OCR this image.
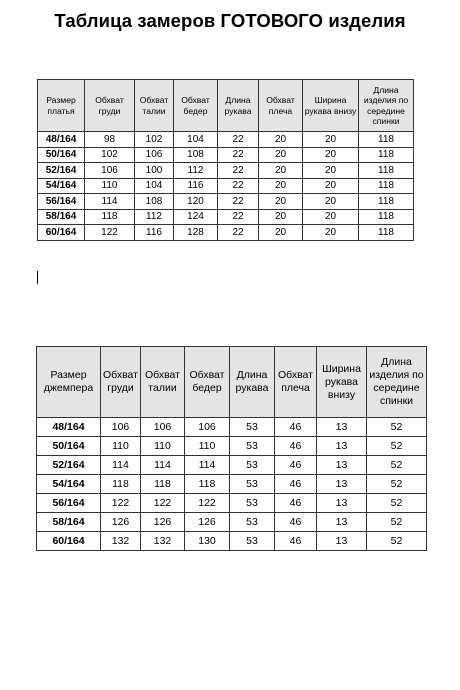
Таблица замеров ГОТОВОГО изделия
Размер платья	Обхват груди	Обхват талии	Обхват бедер	Длина рукава	Обхват плеча	Ширина рукава внизу	Длина изделия по середине спинки
48/164	98	102	104	22	20	20	118
50/164	102	106	108	22	20	20	118
52/164	106	100	112	22	20	20	118
54/164	110	104	116	22	20	20	118
56/164	114	108	120	22	20	20	118
58/164	118	112	124	22	20	20	118
60/164	122	116	128	22	20	20	118
Размер джемпера	Обхват груди	Обхват талии	Обхват бедер	Длина рукава	Обхват плеча	Ширина рукава внизу	Длина изделия по середине спинки
48/164	106	106	106	53	46	13	52
50/164	110	110	110	53	46	13	52
52/164	114	114	114	53	46	13	52
54/164	118	118	118	53	46	13	52
56/164	122	122	122	53	46	13	52
58/164	126	126	126	53	46	13	52
60/164	132	132	130	53	46	13	52
